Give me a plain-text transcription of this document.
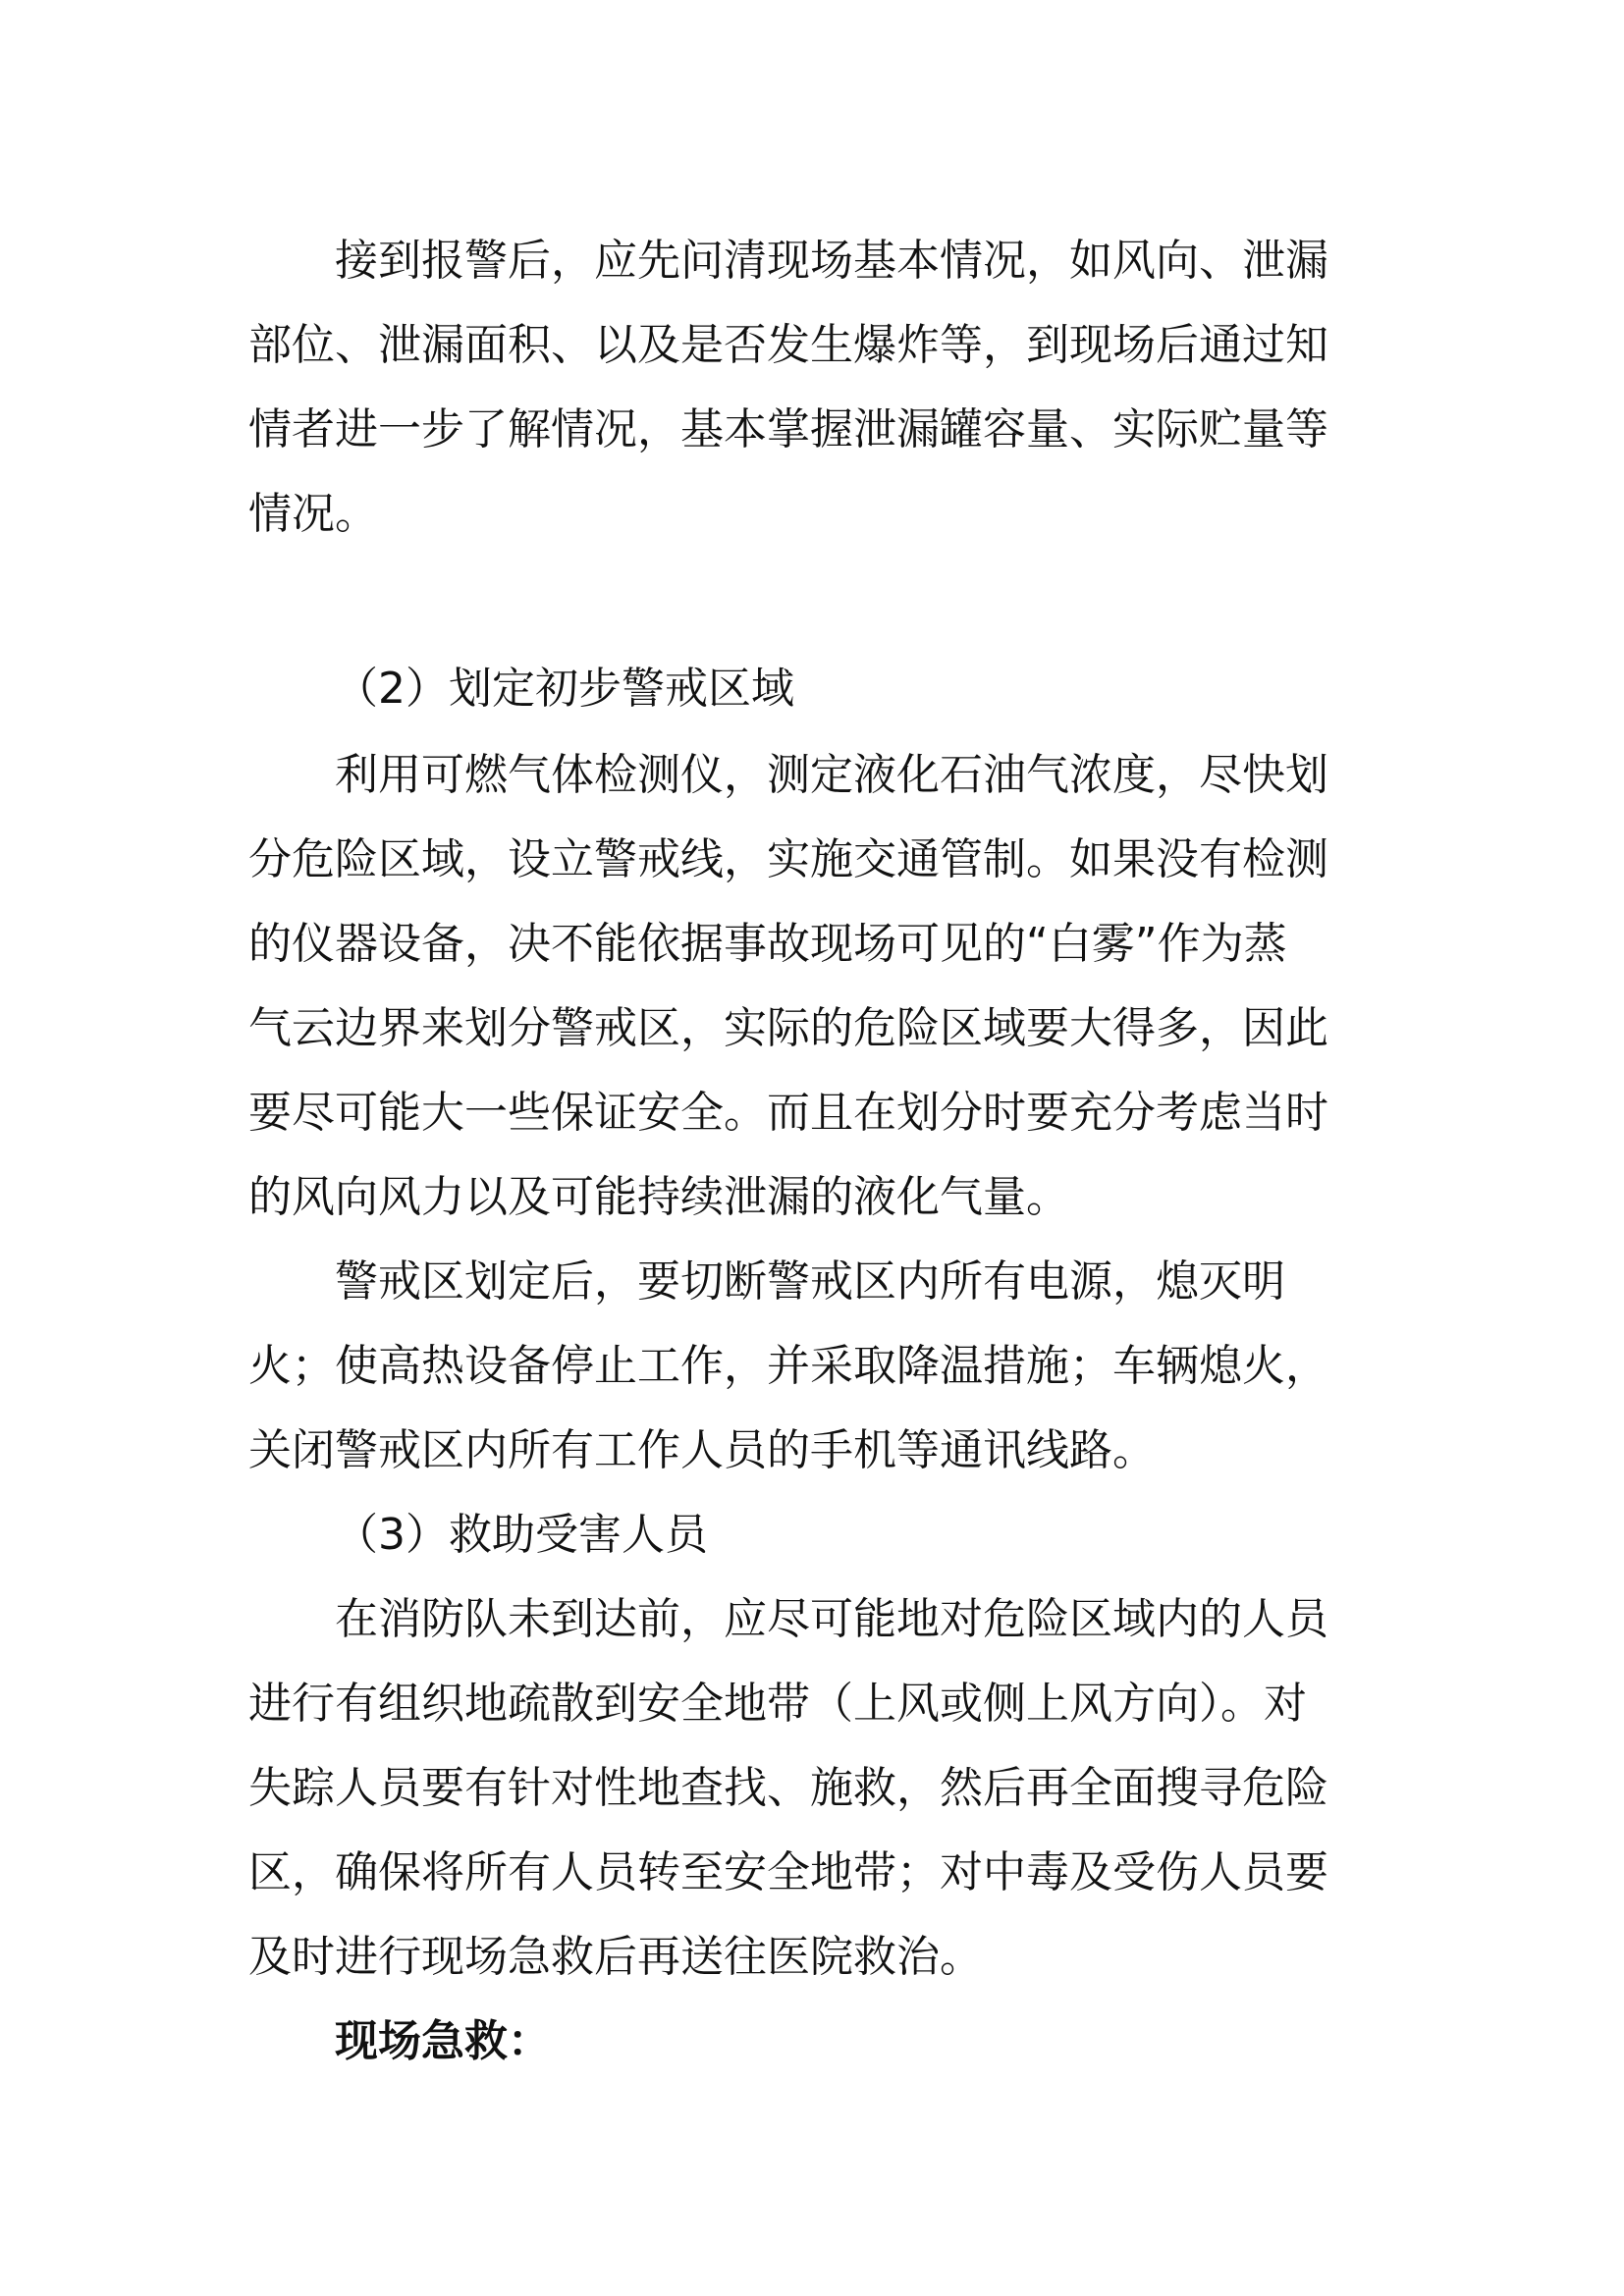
接到报警后，应先问清现场基本情况，如风向、泄漏

部位、泄漏面积、以及是否发生爆炸等，到现场后通过知

情者进一步了解情况，基本掌握泄漏罐容量、实际贮量等

情况。

（2）划定初步警戒区域

利用可燃气体检测仪，测定液化石油气浓度，尽快划

分危险区域，设立警戒线，实施交通管制。如果没有检测

的仪器设备，决不能依据事故现场可见的“白雾”作为蒸

气云边界来划分警戒区，实际的危险区域要大得多，因此

要尽可能大一些保证安全。而且在划分时要充分考虑当时

的风向风力以及可能持续泄漏的液化气量。

警戒区划定后，要切断警戒区内所有电源，熄灭明

火；使高热设备停止工作，并采取降温措施；车辆熄火，

关闭警戒区内所有工作人员的手机等通讯线路。

（3）救助受害人员

在消防队未到达前，应尽可能地对危险区域内的人员

进行有组织地疏散到安全地带（上风或侧上风方向）。对

失踪人员要有针对性地查找、施救，然后再全面搜寻危险

区，确保将所有人员转至安全地带；对中毒及受伤人员要

及时进行现场急救后再送往医院救治。

现场急救：
